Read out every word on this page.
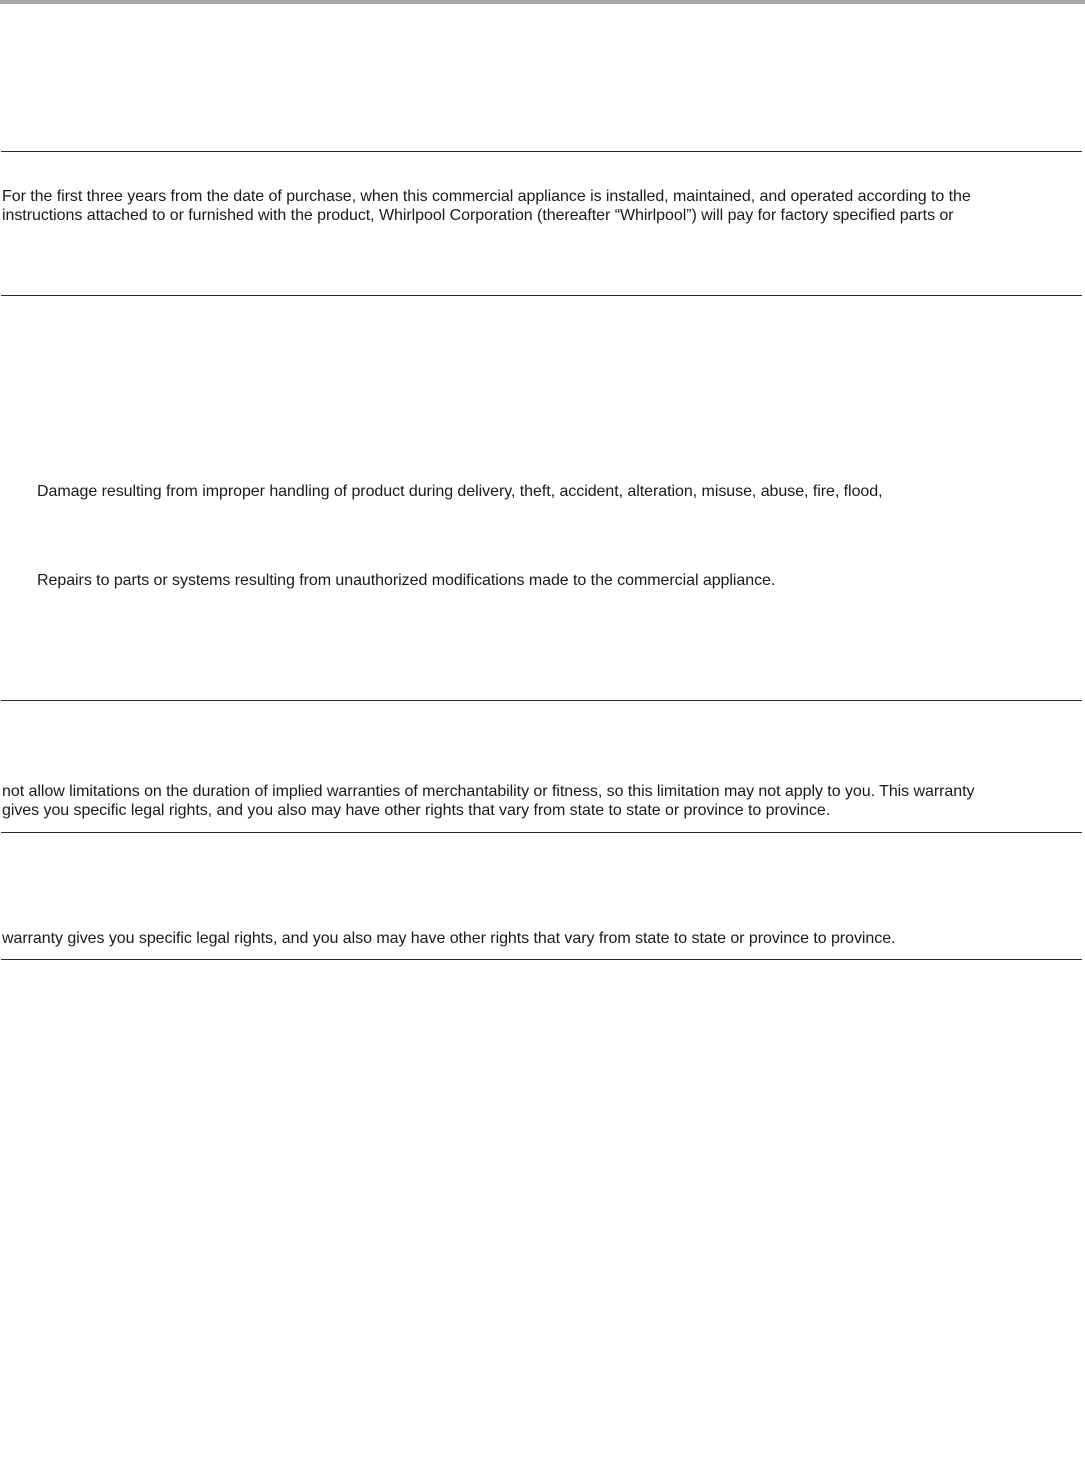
For the first three years from the date of purchase, when this commercial appliance is installed, maintained, and operated according to the

instructions attached to or furnished with the product, Whirlpool Corporation (thereafter “Whirlpool”) will pay for factory specified parts or

Damage resulting from improper handling of product during delivery, theft, accident, alteration, misuse, abuse, fire, flood,

Repairs to parts or systems resulting from unauthorized modifications made to the commercial appliance.

not allow limitations on the duration of implied warranties of merchantability or fitness, so this limitation may not apply to you. This warranty

gives you specific legal rights, and you also may have other rights that vary from state to state or province to province.

warranty gives you specific legal rights, and you also may have other rights that vary from state to state or province to province.
